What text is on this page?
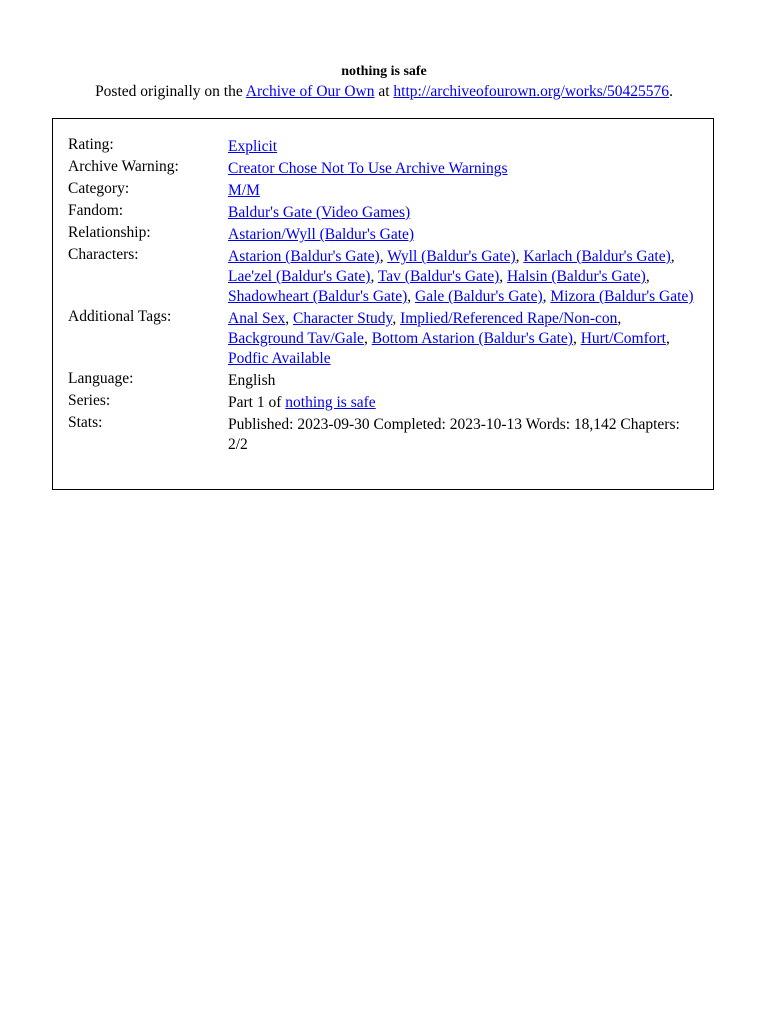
nothing is safe
Posted originally on the Archive of Our Own at http://archiveofourown.org/works/50425576.
Rating:	Explicit
Archive Warning:	Creator Chose Not To Use Archive Warnings
Category:	M/M
Fandom:	Baldur's Gate (Video Games)
Relationship:	Astarion/Wyll (Baldur's Gate)
Characters:	Astarion (Baldur's Gate), Wyll (Baldur's Gate), Karlach (Baldur's Gate), Lae'zel (Baldur's Gate), Tav (Baldur's Gate), Halsin (Baldur's Gate), Shadowheart (Baldur's Gate), Gale (Baldur's Gate), Mizora (Baldur's Gate)
Additional Tags:	Anal Sex, Character Study, Implied/Referenced Rape/Non-con, Background Tav/Gale, Bottom Astarion (Baldur's Gate), Hurt/Comfort, Podfic Available
Language:	English
Series:	Part 1 of nothing is safe
Stats:	Published: 2023-09-30 Completed: 2023-10-13 Words: 18,142 Chapters: 2/2
